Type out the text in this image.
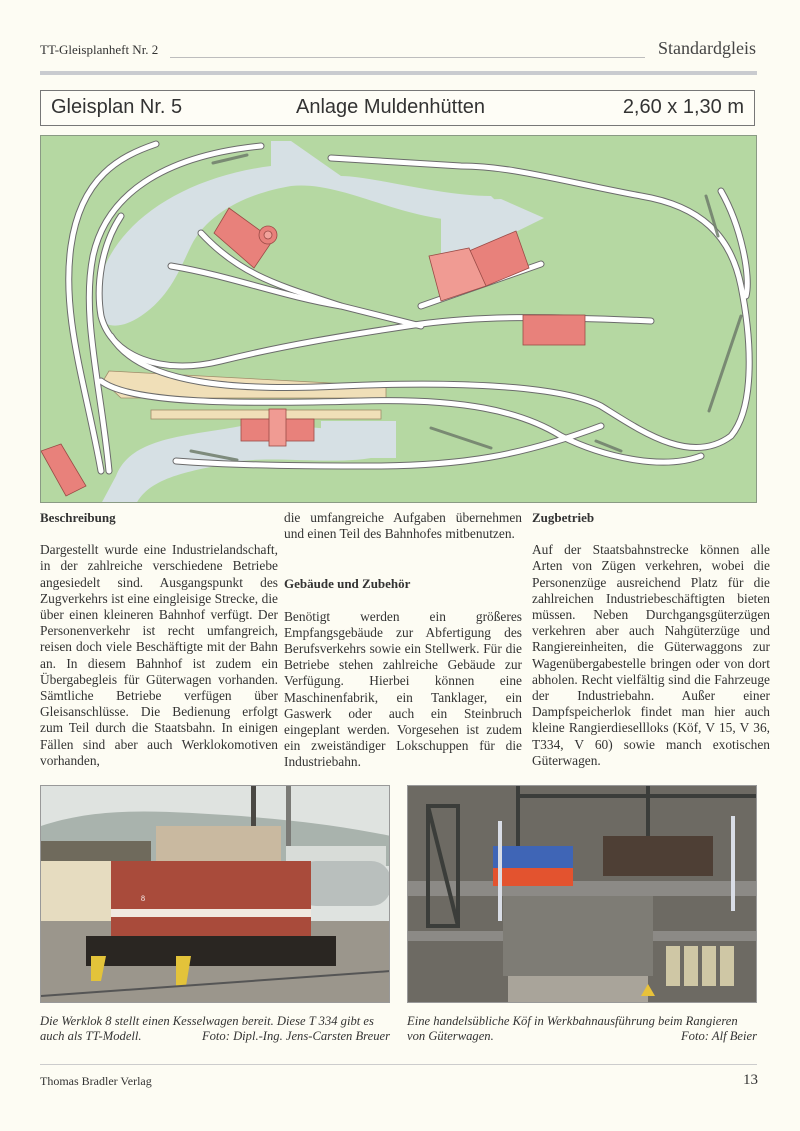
TT-Gleisplanheft Nr. 2	Standardgleis
Gleisplan Nr. 5	Anlage Muldenhütten	2,60 x 1,30 m
Beschreibung

Dargestellt wurde eine Industrielandschaft, in der zahlreiche verschiedene Betriebe angesiedelt sind. Ausgangspunkt des Zugverkehrs ist eine eingleisige Strecke, die über einen kleineren Bahnhof verfügt. Der Personenverkehr ist recht umfangreich, reisen doch viele Beschäftigte mit der Bahn an. In diesem Bahnhof ist zudem ein Übergabegleis für Güterwagen vorhanden. Sämtliche Betriebe verfügen über Gleisanschlüsse. Die Bedienung erfolgt zum Teil durch die Staatsbahn. In einigen Fällen sind aber auch Werklokomotiven vorhanden,

die umfangreiche Aufgaben übernehmen und einen Teil des Bahnhofes mitbenutzen.

Gebäude und Zubehör

Benötigt werden ein größeres Empfangsgebäude zur Abfertigung des Berufsverkehrs sowie ein Stellwerk. Für die Betriebe stehen zahlreiche Gebäude zur Verfügung. Hierbei können eine Maschinenfabrik, ein Tanklager, ein Gaswerk oder auch ein Steinbruch eingeplant werden. Vorgesehen ist zudem ein zweiständiger Lokschuppen für die Industriebahn.

Zugbetrieb

Auf der Staatsbahnstrecke können alle Arten von Zügen verkehren, wobei die Personenzüge ausreichend Platz für die zahlreichen Industriebeschäftigten bieten müssen. Neben Durchgangsgüterzügen verkehren aber auch Nahgüterzüge und Rangiereinheiten, die Güterwaggons zur Wagenübergabestelle bringen oder von dort abholen. Recht vielfältig sind die Fahrzeuge der Industriebahn. Außer einer Dampfspeicherlok findet man hier auch kleine Rangierdiesellloks (Köf, V 15, V 36, T334, V 60) sowie manch exotischen Güterwagen.

8
Die Werklok 8 stellt einen Kesselwagen bereit. Diese T 334 gibt es auch als TT-Modell.	Foto: Dipl.-Ing. Jens-Carsten Breuer
Eine handelsübliche Köf in Werkbahnausführung beim Rangieren von Güterwagen.	Foto: Alf Beier
Thomas Bradler Verlag	13
